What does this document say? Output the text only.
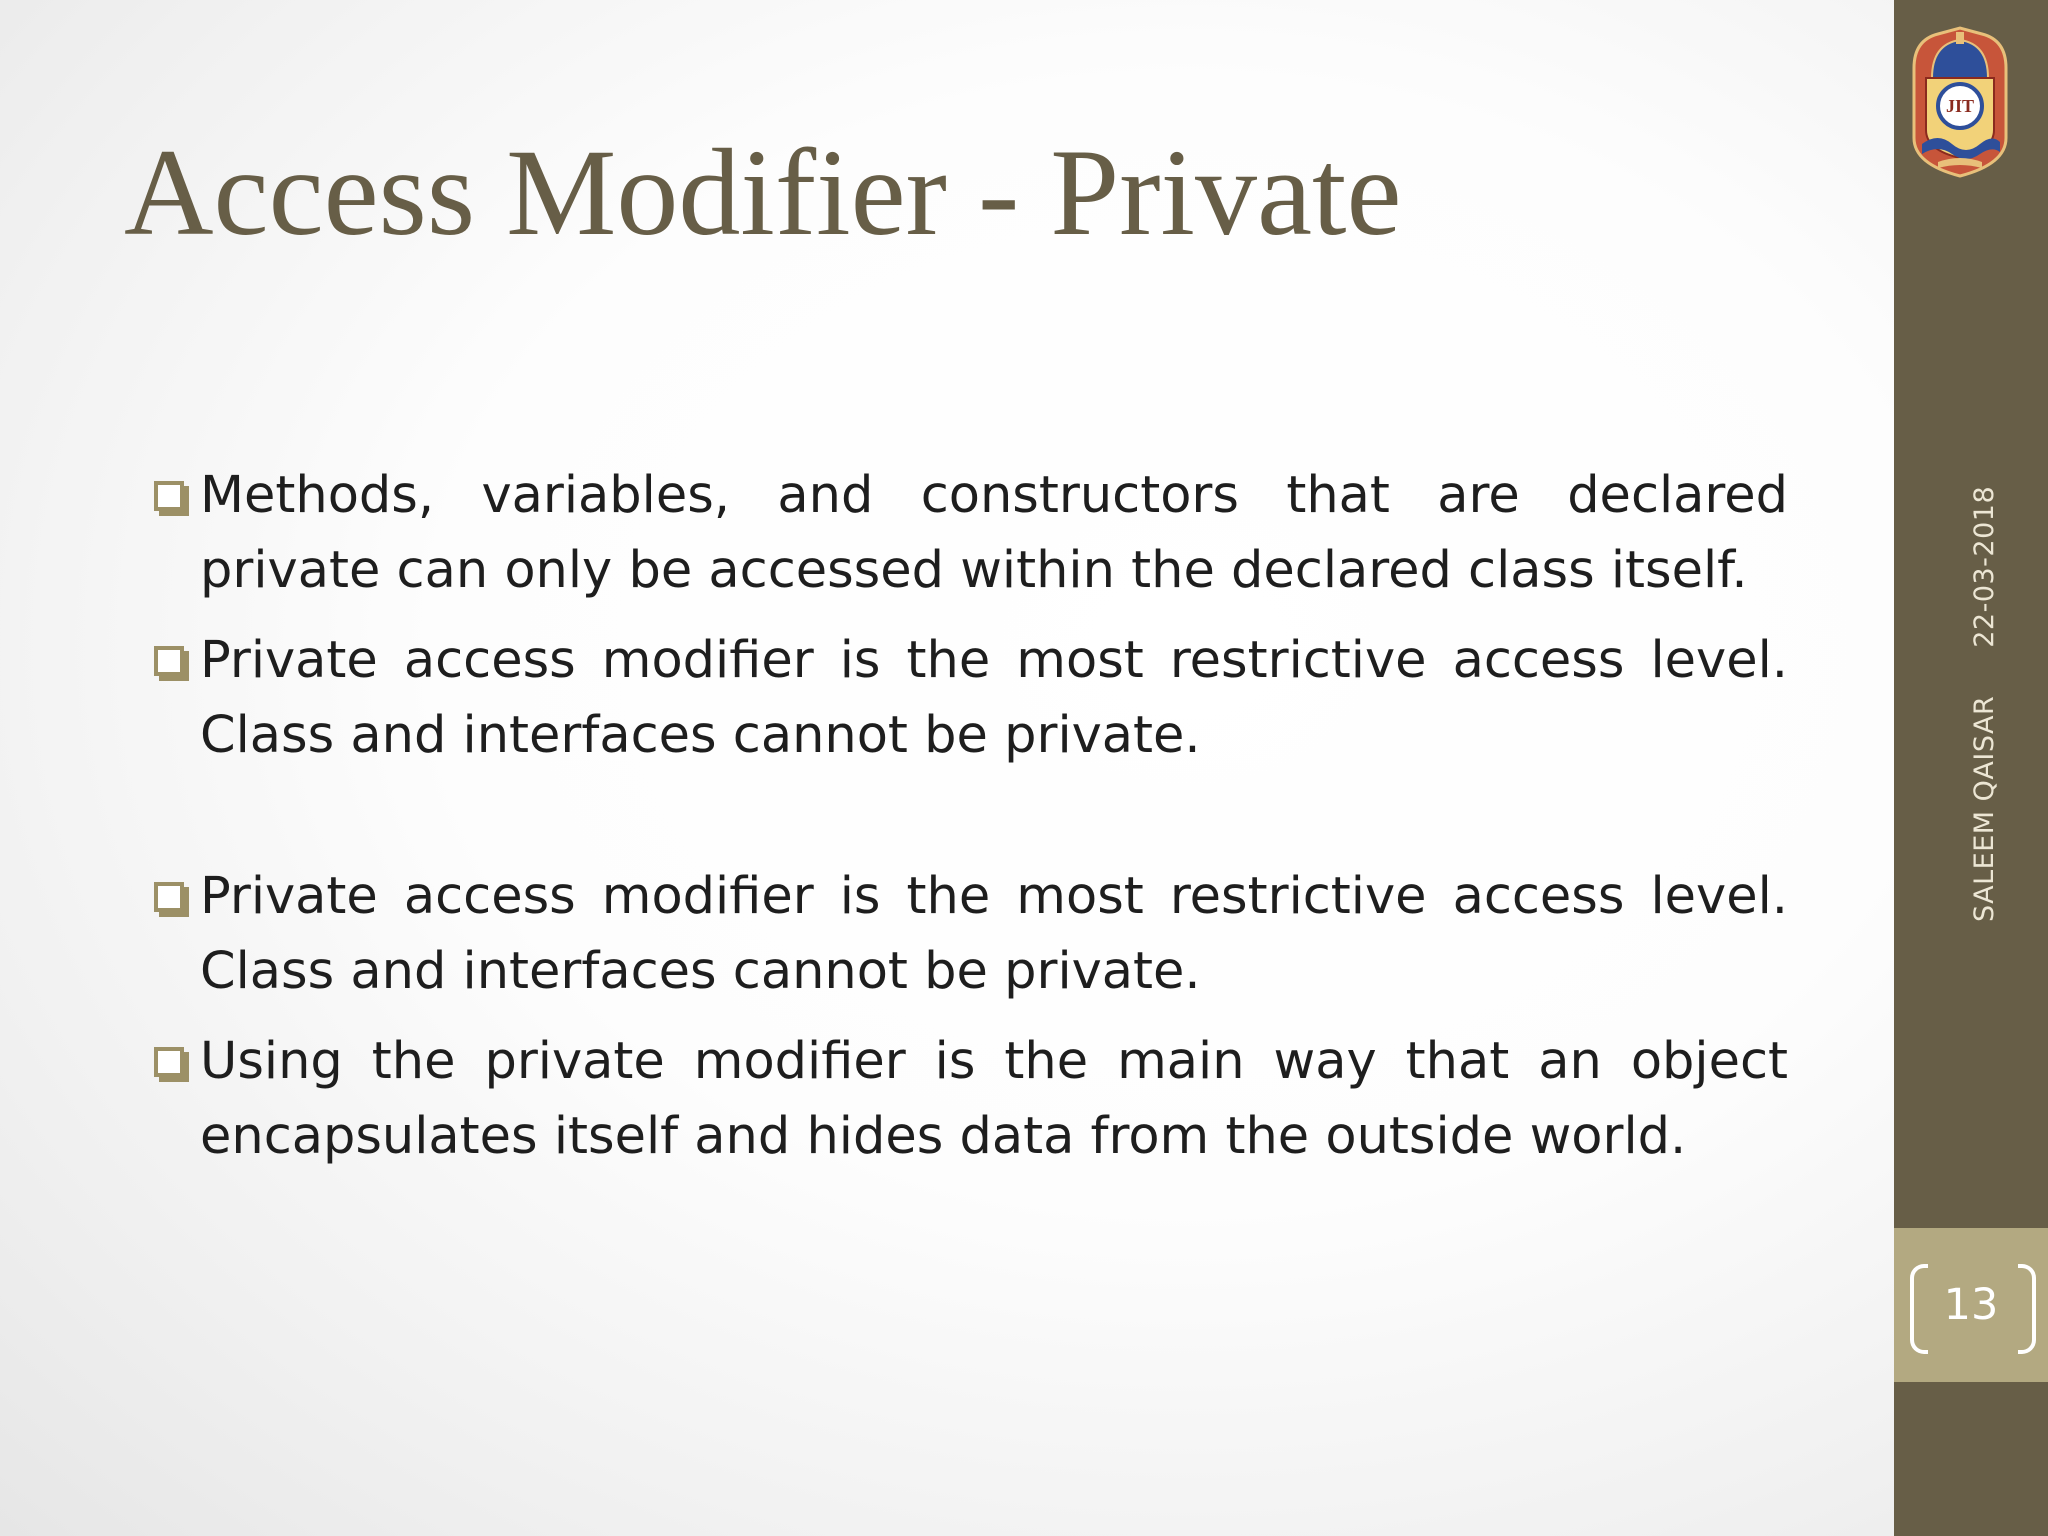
Access Modifier - Private

Methods, variables, and constructors that are declared private can only be accessed within the declared class itself.

Private access modifier is the most restrictive access level. Class and interfaces cannot be private.

Private access modifier is the most restrictive access level. Class and interfaces cannot be private.

Using the private modifier is the main way that an object encapsulates itself and hides data from the outside world.

JIT
SALEEM QAISAR22-03-2018
13
